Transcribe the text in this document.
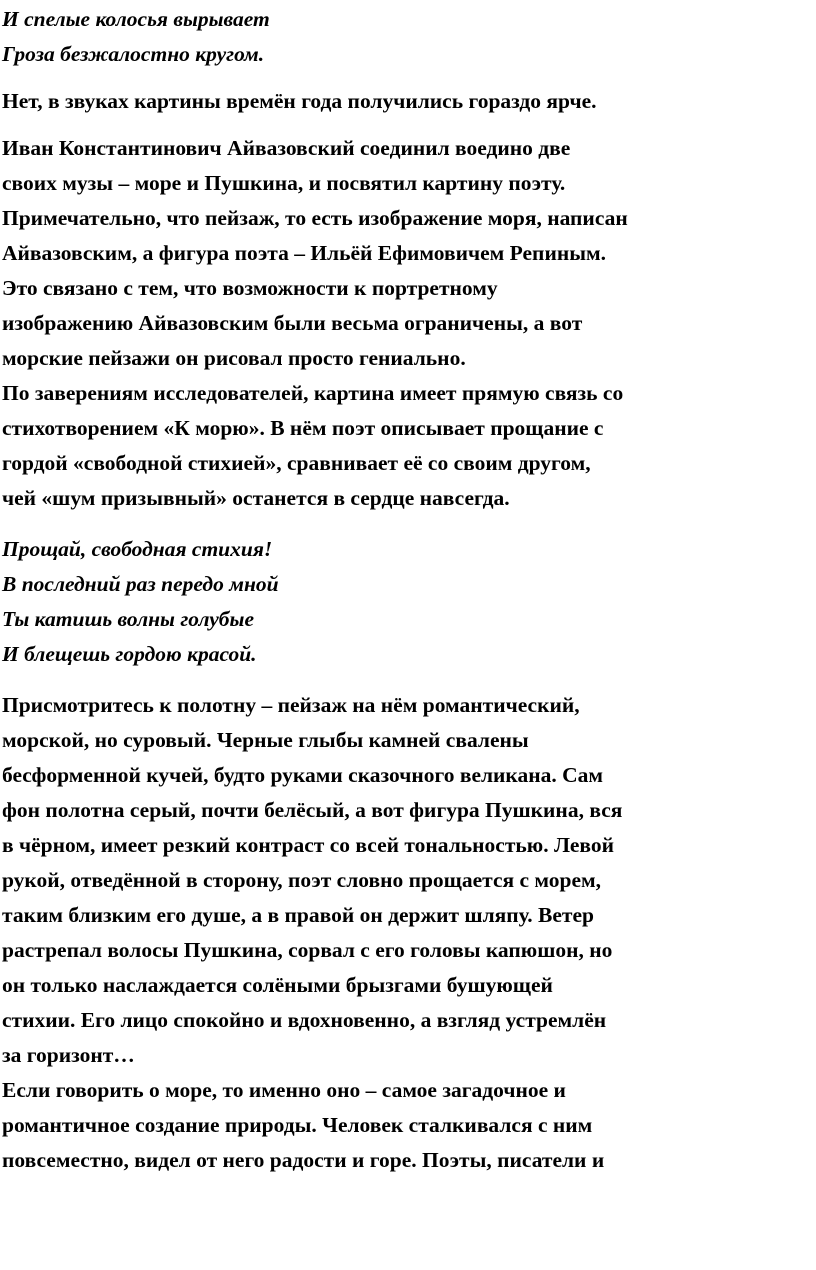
И спелые колосья вырывает
Гроза безжалостно кругом.
Нет, в звуках картины времён года получились гораздо ярче.
Иван Константинович Айвазовский соединил воедино две
своих музы – море и Пушкина, и посвятил картину поэту.
Примечательно, что пейзаж, то есть изображение моря, написан
Айвазовским, а фигура поэта – Ильёй Ефимовичем Репиным.
Это связано с тем, что возможности к портретному
изображению Айвазовским были весьма ограничены, а вот
морские пейзажи он рисовал просто гениально.
По заверениям исследователей, картина имеет прямую связь со
стихотворением «К морю». В нём поэт описывает прощание с
гордой «свободной стихией», сравнивает её со своим другом,
чей «шум призывный» останется в сердце навсегда.
Прощай, свободная стихия!
В последний раз передо мной
Ты катишь волны голубые
И блещешь гордою красой.
Присмотритесь к полотну – пейзаж на нём романтический,
морской, но суровый. Черные глыбы камней свалены
бесформенной кучей, будто руками сказочного великана. Сам
фон полотна серый, почти белёсый, а вот фигура Пушкина, вся
в чёрном, имеет резкий контраст со всей тональностью. Левой
рукой, отведённой в сторону, поэт словно прощается с морем,
таким близким его душе, а в правой он держит шляпу. Ветер
растрепал волосы Пушкина, сорвал с его головы капюшон, но
он только наслаждается солёными брызгами бушующей
стихии. Его лицо спокойно и вдохновенно, а взгляд устремлён
за горизонт…
Если говорить о море, то именно оно – самое загадочное и
романтичное создание природы. Человек сталкивался с ним
повсеместно, видел от него радости и горе. Поэты, писатели и
